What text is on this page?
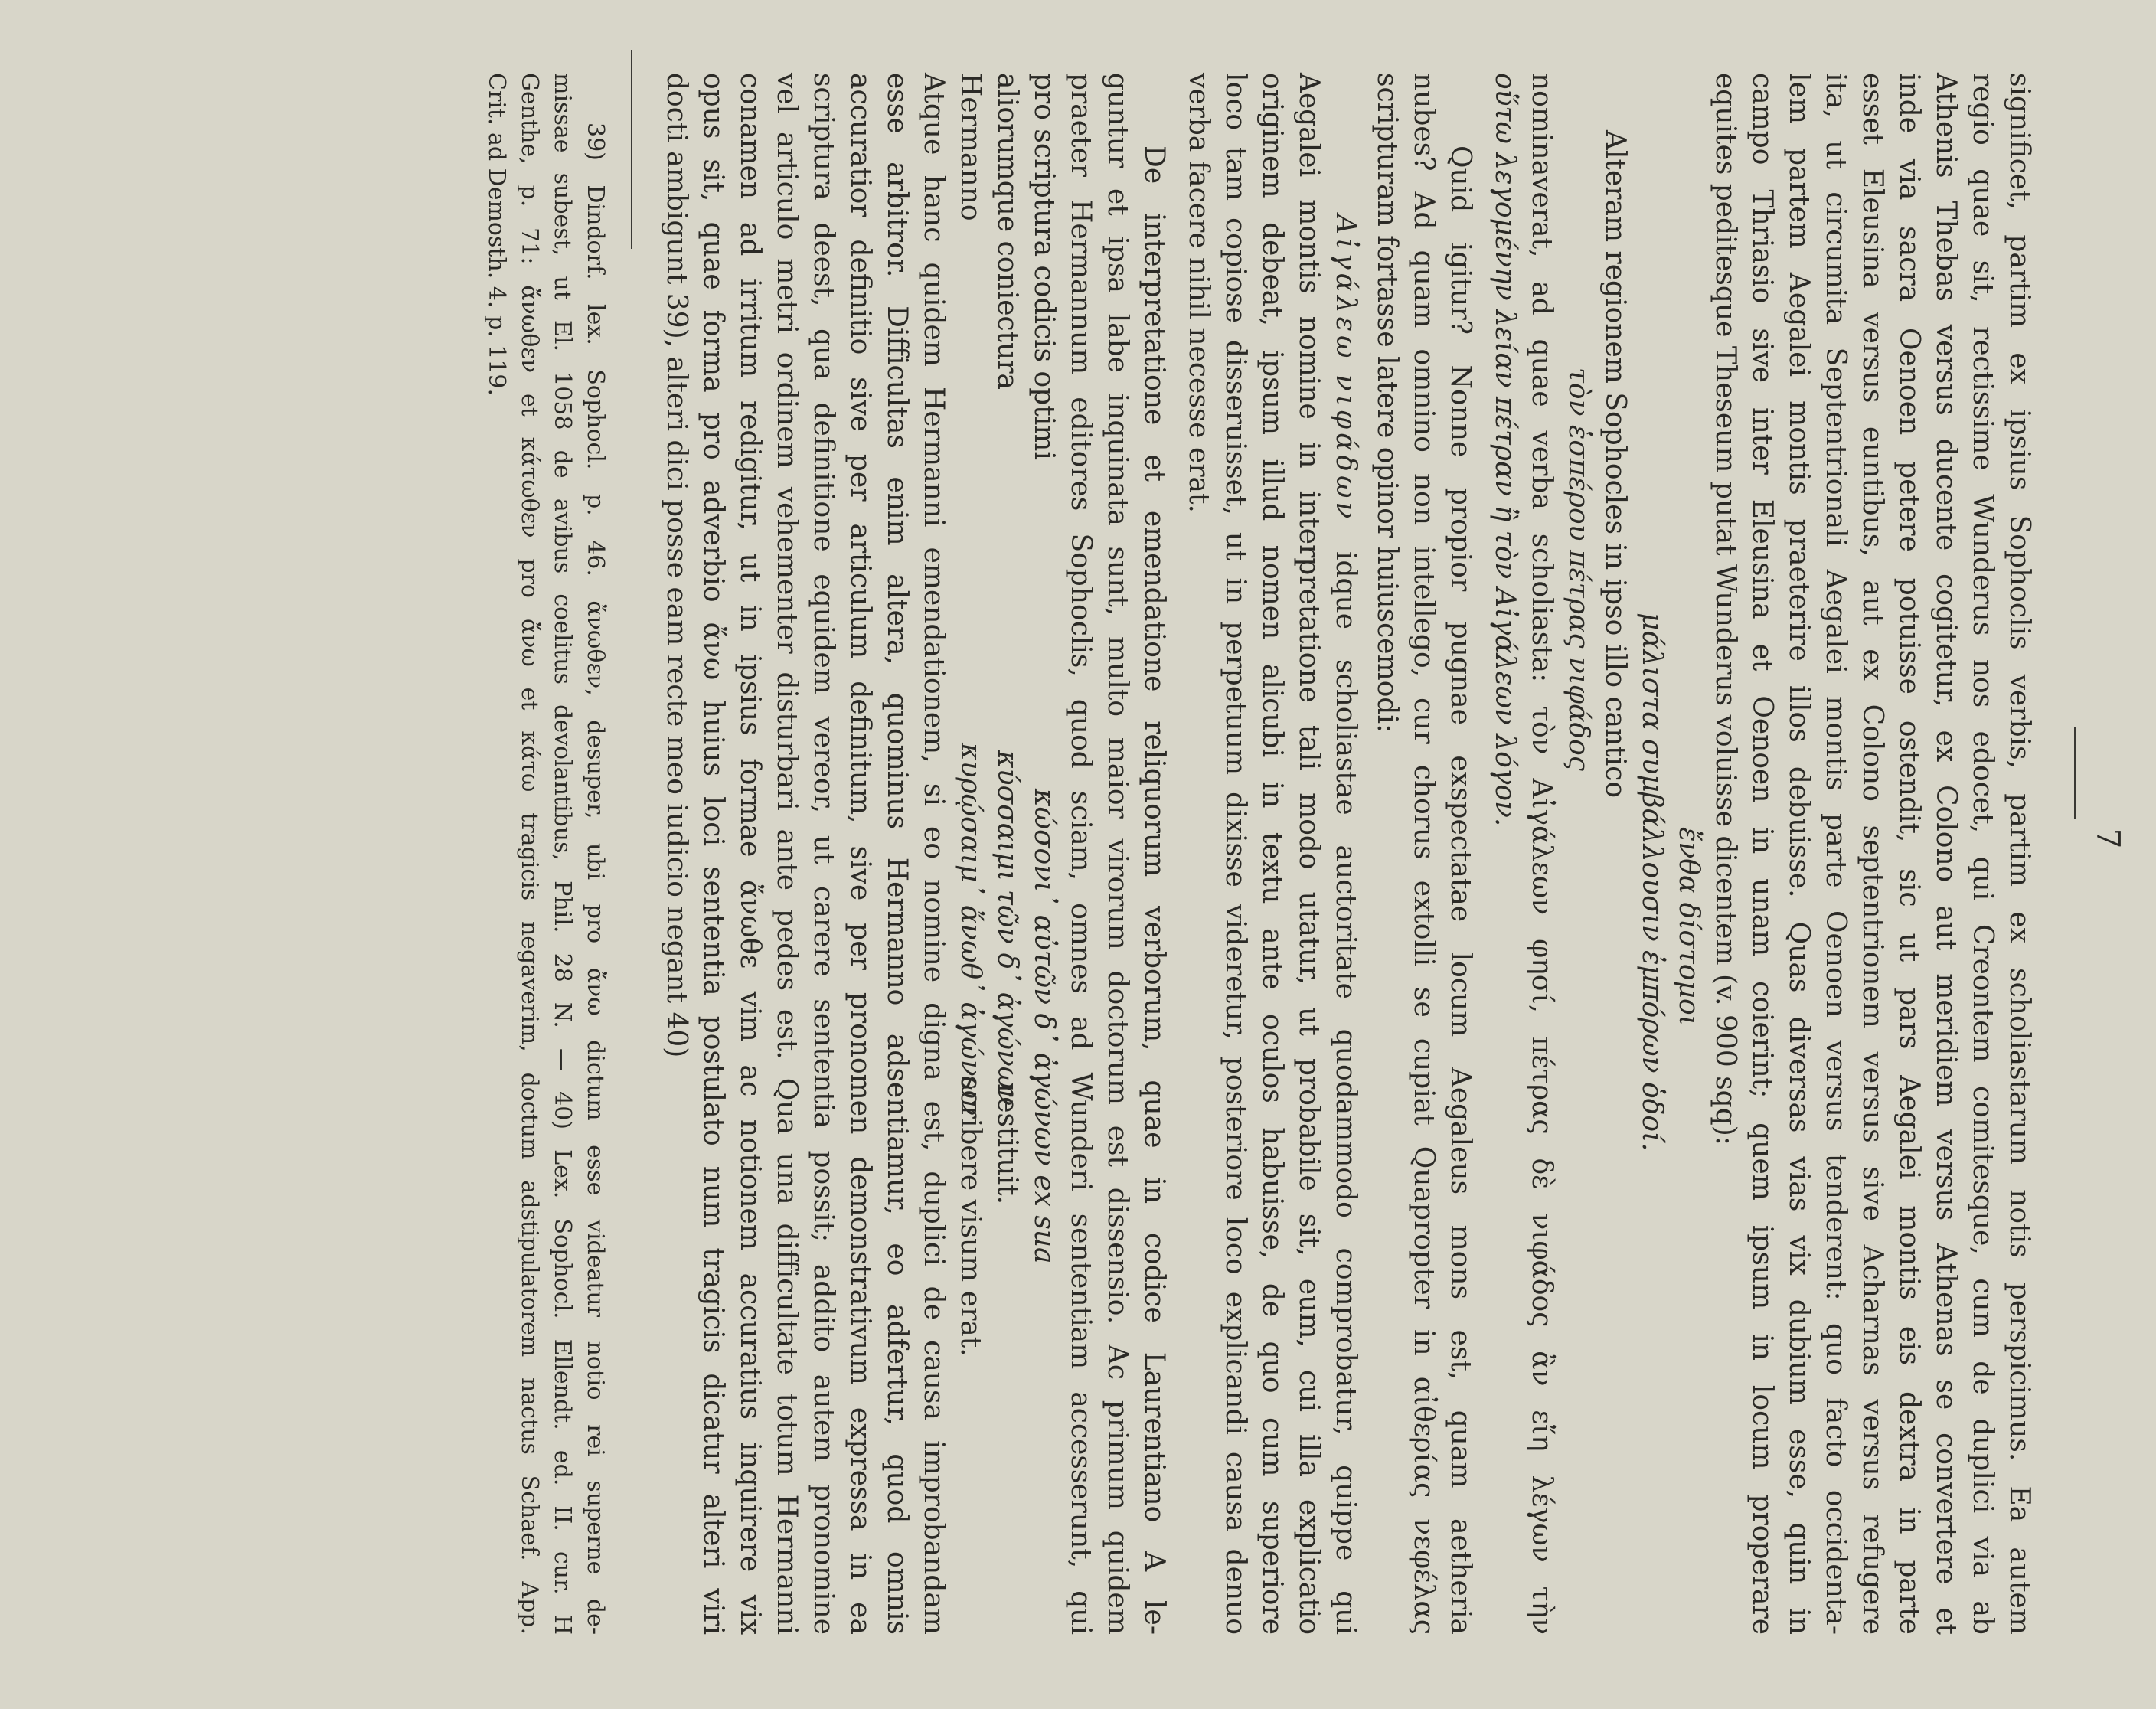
7
significet, partim ex ipsius Sophoclis verbis, partim ex scholiastarum notis perspicimus. Ea autem
regio quae sit, rectissime Wunderus nos edocet, qui Creontem comitesque, cum de duplici via ab
Athenis Thebas versus ducente cogitetur, ex Colono aut meridiem versus Athenas se convertere et
inde via sacra Oenoen petere potuisse ostendit, sic ut pars Aegalei montis eis dextra in parte
esset Eleusina versus euntibus, aut ex Colono septentrionem versus sive Acharnas versus refugere
ita, ut circumita Septentrionali Aegalei montis parte Oenoen versus tenderent: quo facto occidenta-
lem partem Aegalei montis praeterire illos debuisse. Quas diversas vias vix dubium esse, quin in
campo Thriasio sive inter Eleusina et Oenoen in unam coierint; quem ipsum in locum properare
equites peditesque Theseum putat Wunderus voluisse dicentem (v. 900 sqq):
ἔνθα δίστομοι
μάλιστα συμβάλλουσιν ἐμπόρων ὁδοί.
Alteram regionem Sophocles in ipso illo cantico
τὸν ἑσπέρου πέτρας νιφάδος
nominaverat, ad quae verba scholiasta: τὸν Αἰγάλεων φησί, πέτρας δὲ νιφάδος ἂν εἴη λέγων τὴν
οὕτω λεγομένην λείαν πέτραν ἢ τὸν Αἰγάλεων λόγον.
Quid igitur? Nonne propior pugnae exspectatae locum Aegaleus mons est, quam aetheria
nubes? Ad quam omnino non intellego, cur chorus extolli se cupiat Quapropter in αἰθερίας νεφέλας
scripturam fortasse latere opinor huiuscemodi:
Αἰγάλεω νιφάδων
idque scholiastae auctoritate quodammodo comprobatur, quippe qui
Aegalei montis nomine in interpretatione tali modo utatur, ut probabile sit, eum, cui illa explicatio
originem debeat, ipsum illud nomen alicubi in textu ante oculos habuisse, de quo cum superiore
loco tam copiose disseruisset, ut in perpetuum dixisse videretur, posteriore loco explicandi causa denuo
verba facere nihil necesse erat.
De interpretatione et emendatione reliquorum verborum, quae in codice Laurentiano A le-
guntur et ipsa labe inquinata sunt, multo maior virorum doctorum est dissensio. Ac primum quidem
praeter Hermannum editores Sophoclis, quod sciam, omnes ad Wunderi sententiam accesserunt, qui
pro scriptura codicis optimi
κώσονι᾽ αὐτῶν δ᾽ ἀγώνων ex sua
aliorumque coniectura
κύσσαιμι τῶν δ᾽ ἀγώνων
restituit.
Hermanno
κυρῴσαιμ᾽ ἄνωθ᾽ ἀγώνων
scribere visum erat.
Atque hanc quidem Hermanni emendationem, si eo nomine digna est, duplici de causa improbandam
esse arbitror. Difficultas enim altera, quominus Hermanno adsentiamur, eo adfertur, quod omnis
accuratior definitio sive per articulum definitum, sive per pronomen demonstrativum expressa in ea
scriptura deest, qua definitione equidem vereor, ut carere sententia possit; addito autem pronomine
vel articulo metri ordinem vehementer disturbari ante pedes est. Qua una difficultate totum Hermanni
conamen ad irritum redigitur, ut in ipsius formae ἄνωθε vim ac notionem accuratius inquirere vix
opus sit, quae forma pro adverbio ἄνω huius loci sententia postulato num tragicis dicatur alteri viri
docti ambigunt 39), alteri dici posse eam recte meo iudicio negant 40)
39) Dindorf. lex. Sophocl. p. 46. ἄνωθεν, desuper, ubi pro ἄνω dictum esse videatur notio rei superne de-
missae subest, ut El. 1058 de avibus coelitus devolantibus, Phil. 28 N. — 40) Lex. Sophocl. Ellendt. ed. II. cur. H
Genthe, p. 71: ἄνωθεν et κάτωθεν pro ἄνω et κάτω tragicis negaverim, doctum adstipulatorem nactus Schaef. App.
Crit. ad Demosth. 4. p. 119.
